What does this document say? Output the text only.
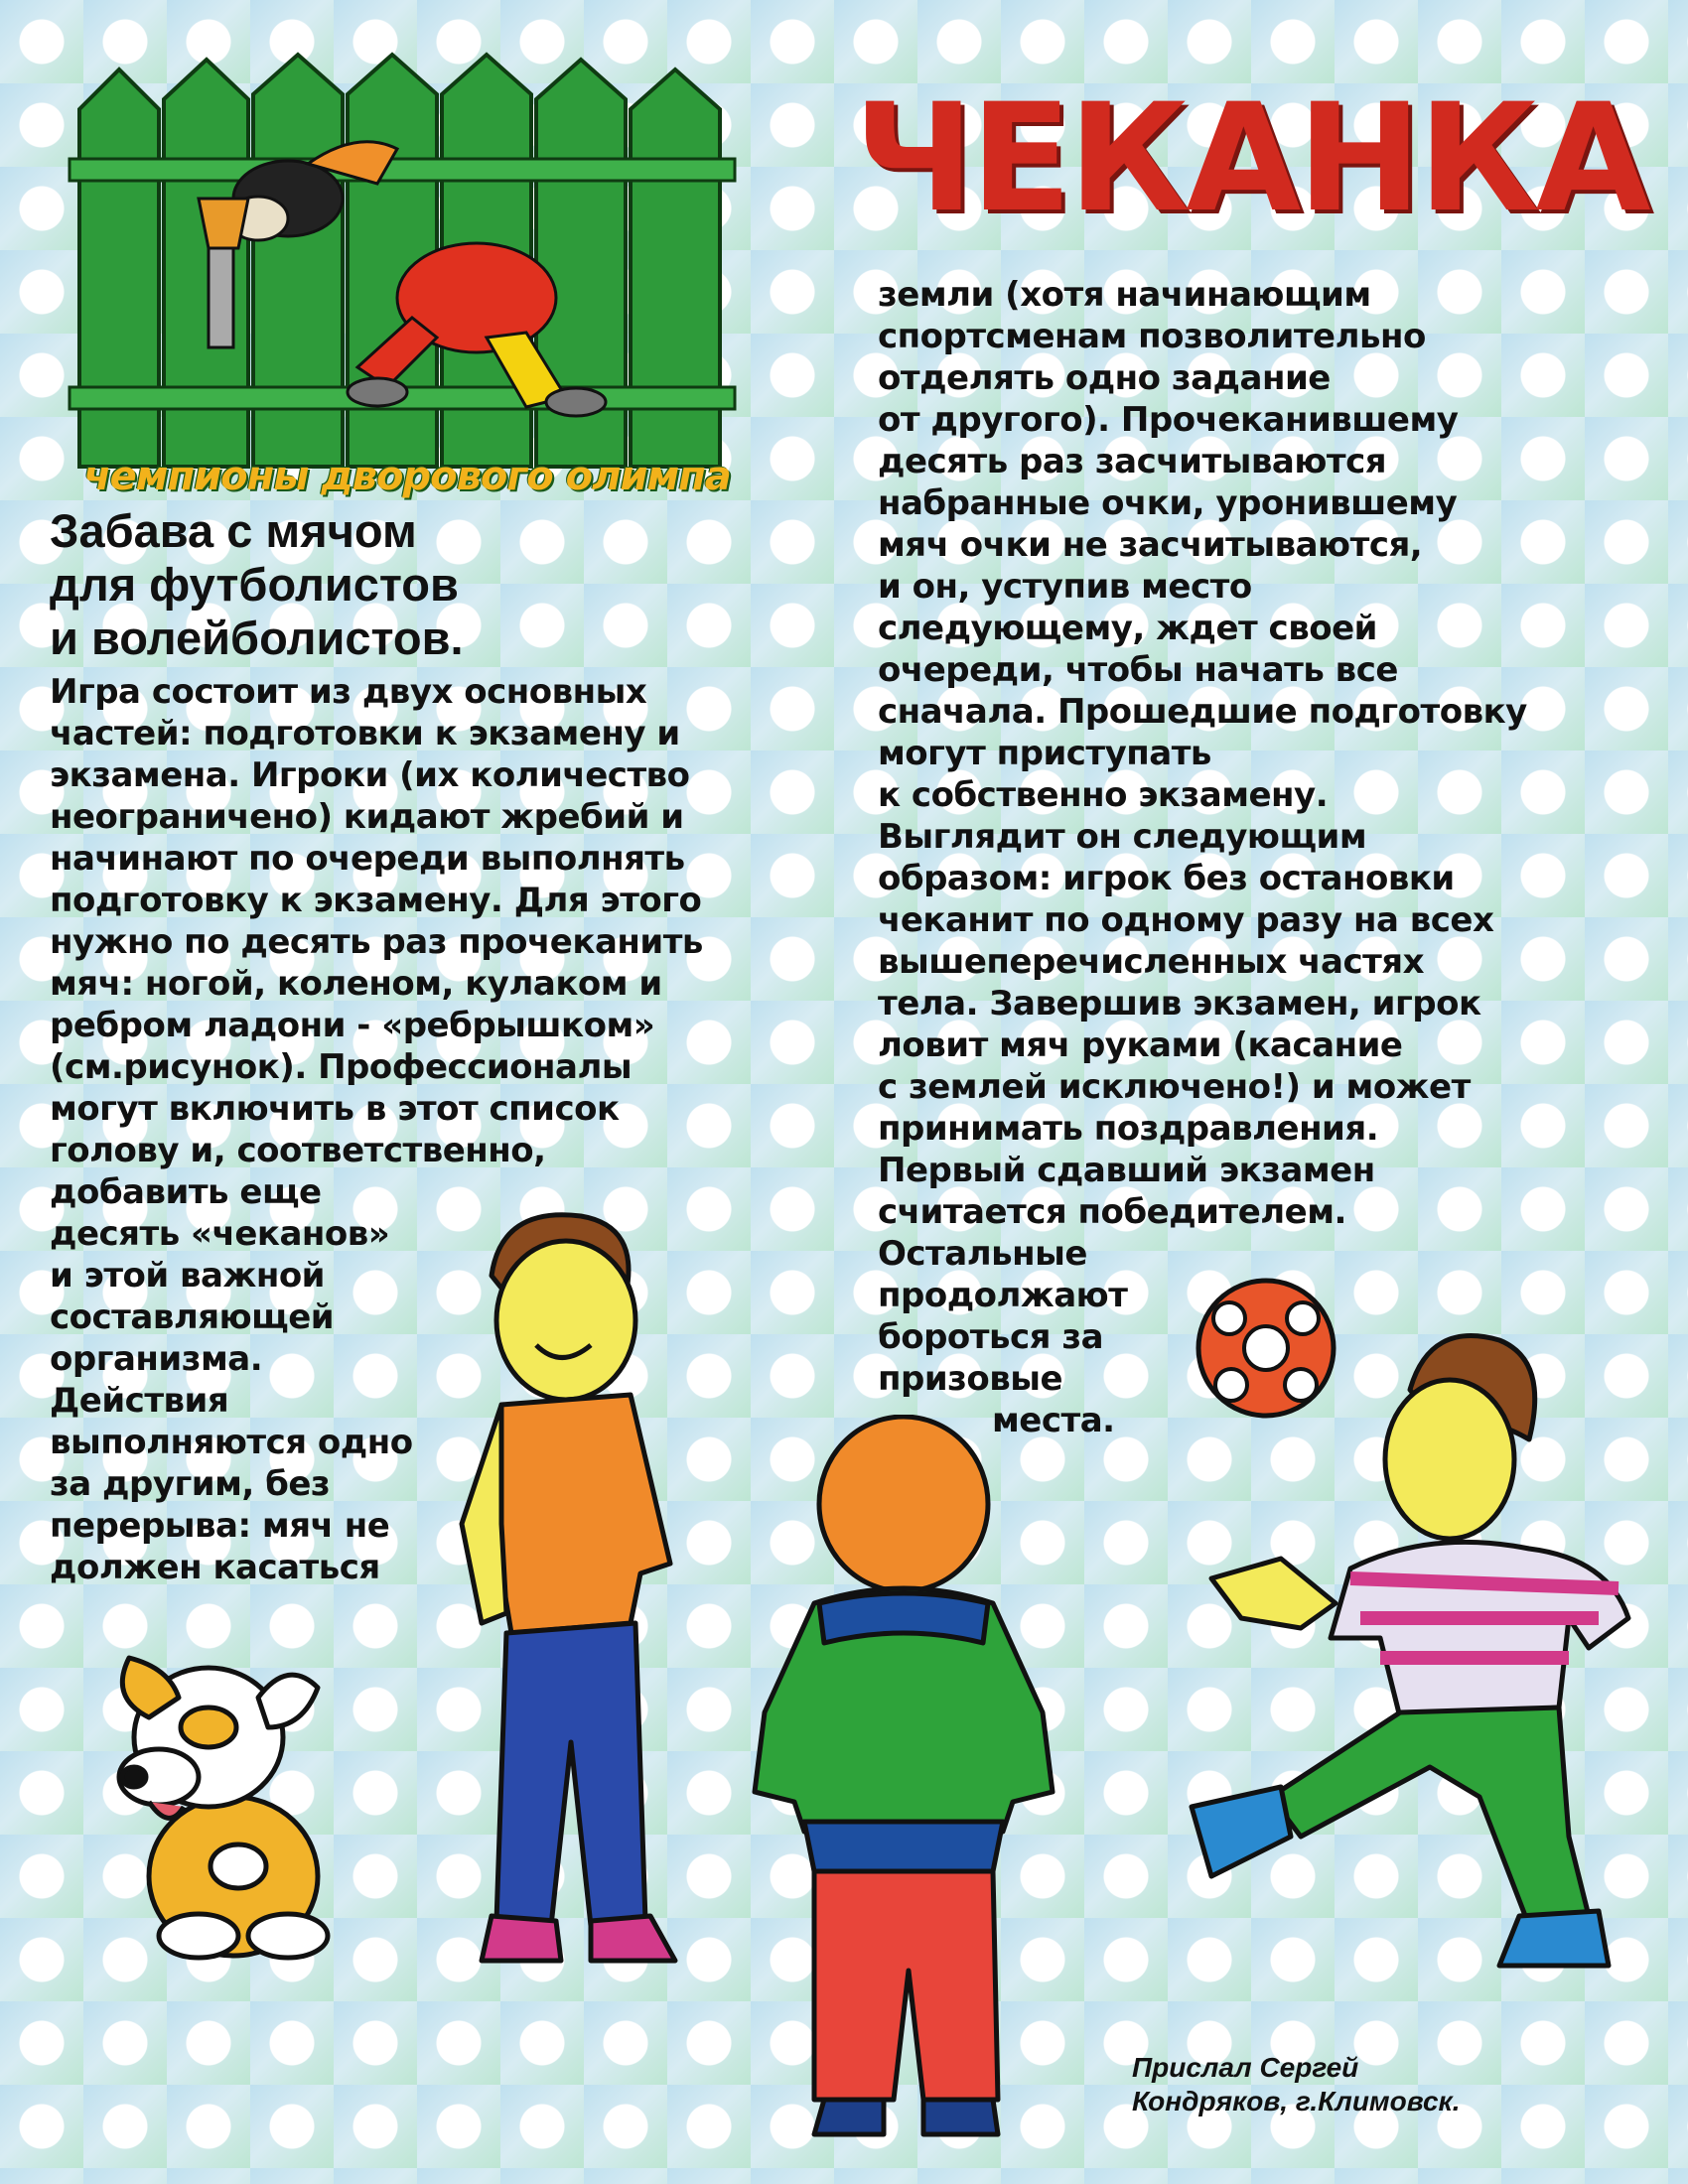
чемпионы дворового олимпа
ЧЕКАНКА
Забава с мячом
для футболистов
и волейболистов.
Игра состоит из двух основных
частей: подготовки к экзамену и
экзамена. Игроки (их количество
неограничено) кидают жребий и
начинают по очереди выполнять
подготовку к экзамену. Для этого
нужно по десять раз прочеканить
мяч: ногой, коленом, кулаком и
ребром ладони - «ребрышком»
(см.рисунок). Профессионалы
могут включить в этот список
голову и, соответственно,
добавить еще
десять «чеканов»
и этой важной
составляющей
организма.
Действия
выполняются одно
за другим, без
перерыва: мяч не
должен касаться
земли (хотя начинающим
спортсменам позволительно
отделять одно задание
от другого). Прочеканившему
десять раз засчитываются
набранные очки, уронившему
мяч очки не засчитываются,
и он, уступив место
следующему, ждет своей
очереди, чтобы начать все
сначала. Прошедшие подготовку
могут приступать
к собственно экзамену.
Выглядит он следующим
образом: игрок без остановки
чеканит по одному разу на всех
вышеперечисленных частях
тела. Завершив экзамен, игрок
ловит мяч руками (касание
с землей исключено!) и может
принимать поздравления.
Первый сдавший экзамен
считается победителем.
Остальные
продолжают
бороться за
призовые
места.
Прислал Сергей
Кондряков, г.Климовск.
